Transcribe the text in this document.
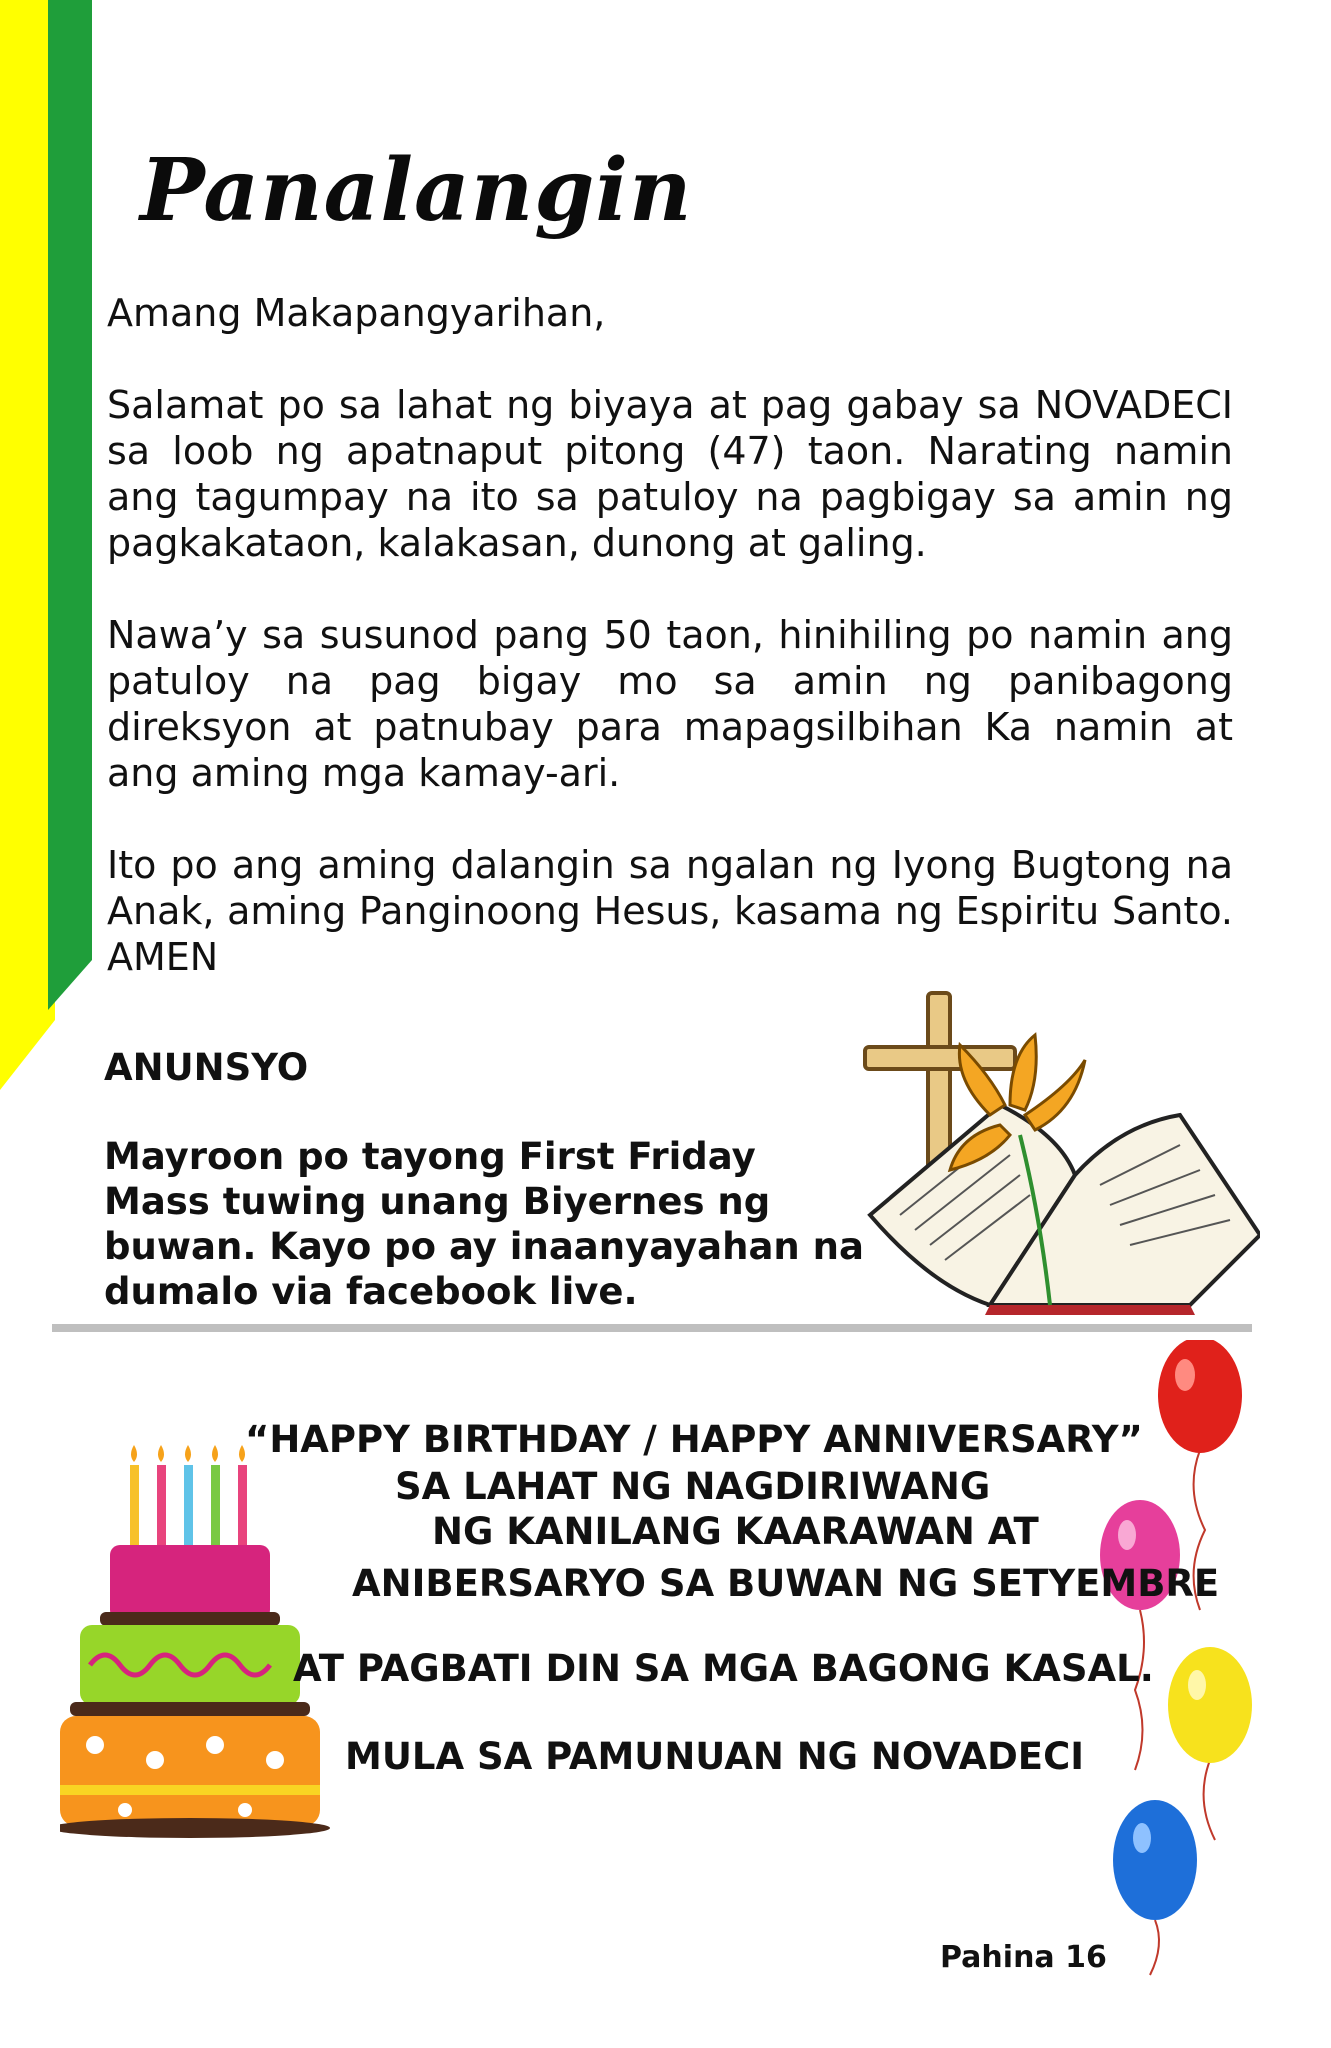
Panalangin

Amang Makapangyarihan,

Salamat po sa lahat ng biyaya at pag gabay sa NOVADECI sa loob ng apatnaput pitong (47) taon. Narating namin ang tagumpay na ito sa patuloy na pagbigay sa amin ng pagkakataon, kalakasan, dunong at galing.

Nawa’y sa susunod pang 50 taon, hinihiling po namin ang patuloy na pag bigay mo sa amin ng panibagong direksyon at patnubay para mapagsilbihan Ka namin at ang aming mga kamay-ari.

Ito po ang aming dalangin sa ngalan ng Iyong Bugtong na Anak, aming Panginoong Hesus, kasama ng Espiritu Santo. AMEN

ANUNSYO

Mayroon po tayong First Friday Mass tuwing unang Biyernes ng buwan. Kayo po ay inaanyayahan na dumalo via facebook live.

“HAPPY BIRTHDAY / HAPPY ANNIVERSARY”
SA LAHAT NG NAGDIRIWANG
NG KANILANG KAARAWAN AT
ANIBERSARYO SA BUWAN NG SETYEMBRE
AT PAGBATI DIN SA MGA BAGONG KASAL.
MULA SA PAMUNUAN NG NOVADECI
Pahina 16
